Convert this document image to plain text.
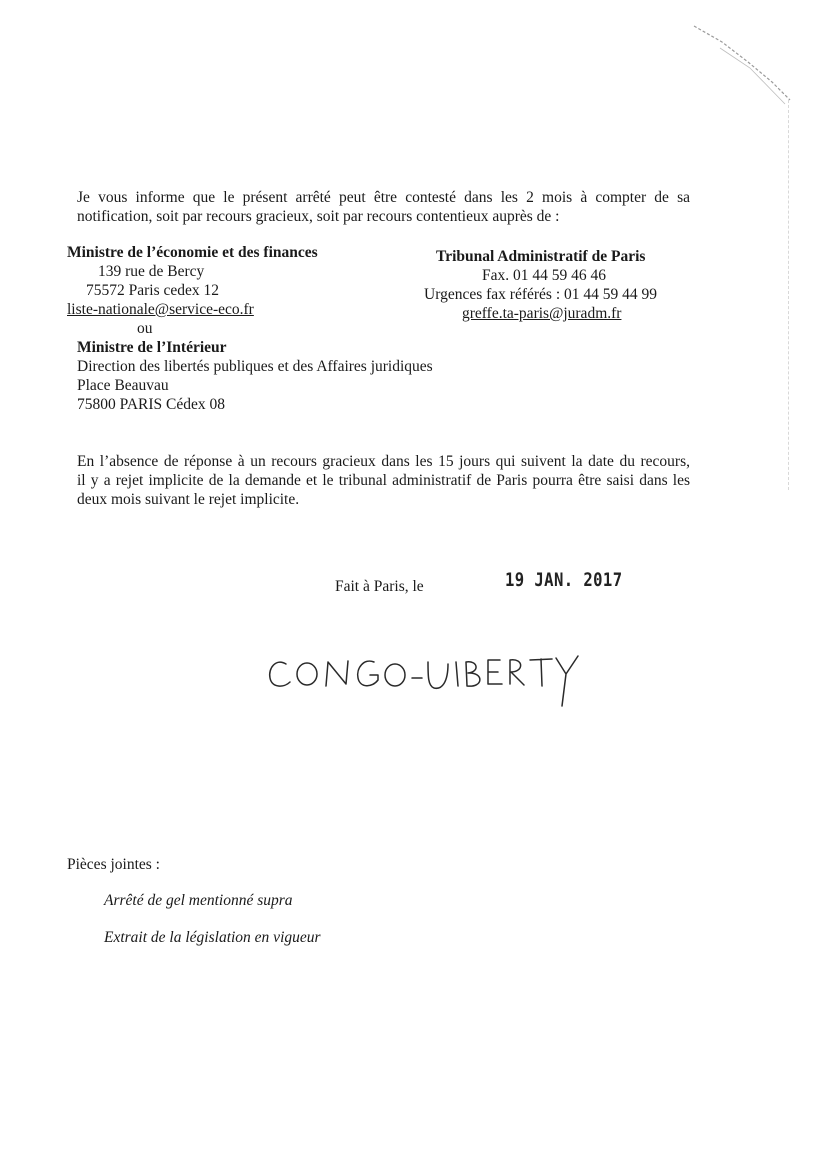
Je vous informe que le présent arrêté peut être contesté dans les 2 mois à compter de sa
notification, soit par recours gracieux, soit par recours contentieux auprès de :
Ministre de l’économie et des finances
139 rue de Bercy
75572 Paris cedex 12
liste-nationale@service-eco.fr
ou
Ministre de l’Intérieur
Direction des libertés publiques et des Affaires juridiques
Place Beauvau
75800 PARIS Cédex 08
Tribunal Administratif de Paris
Fax. 01 44 59 46 46
Urgences fax référés : 01 44 59 44 99
greffe.ta-paris@juradm.fr
En l’absence de réponse à un recours gracieux dans les 15 jours qui suivent la date du recours,
il y a rejet implicite de la demande et le tribunal administratif de Paris pourra être saisi dans les
deux mois suivant le rejet implicite.
Fait à Paris, le	19 JAN. 2017
Pièces jointes :
Arrêté de gel mentionné supra
Extrait de la législation en vigueur
